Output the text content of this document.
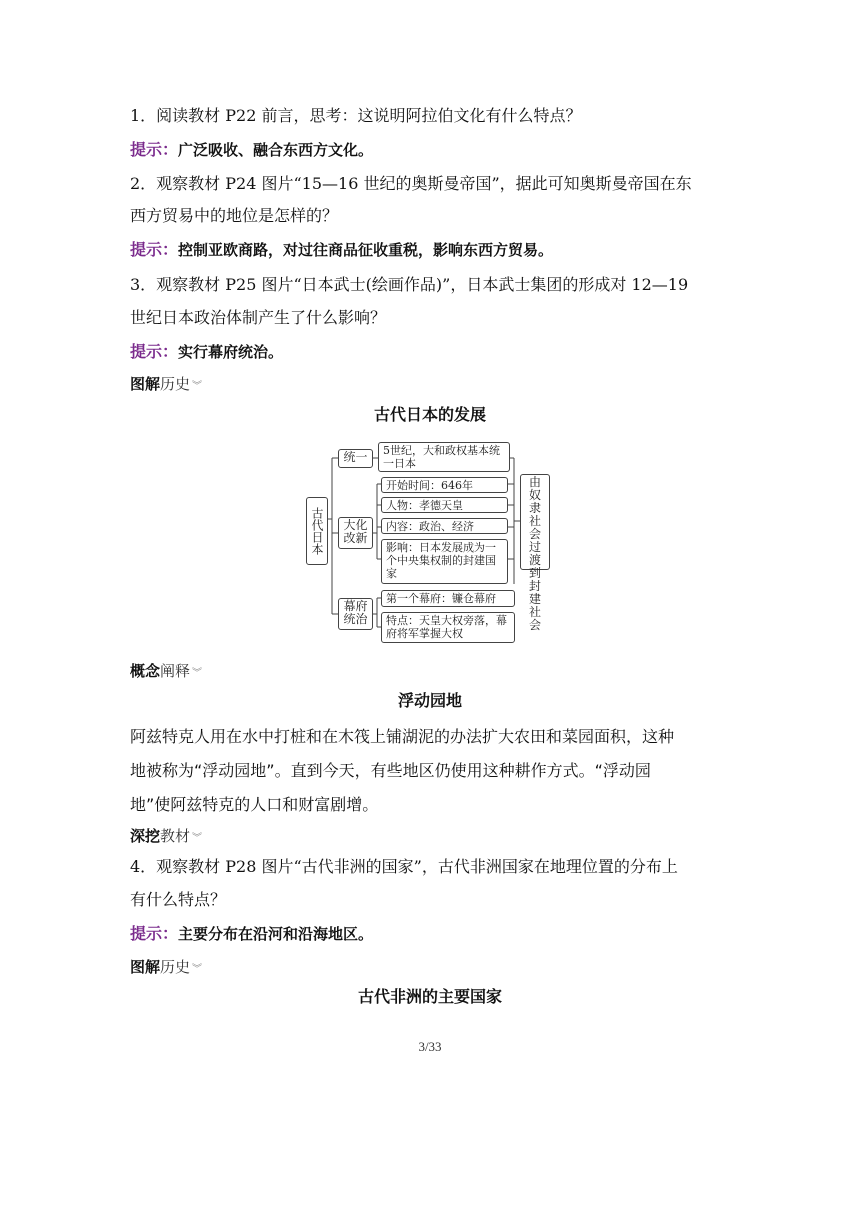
1．阅读教材 P22 前言，思考：这说明阿拉伯文化有什么特点？
提示：广泛吸收、融合东西方文化。
2．观察教材 P24 图片“15—16 世纪的奥斯曼帝国”，据此可知奥斯曼帝国在东
西方贸易中的地位是怎样的？
提示：控制亚欧商路，对过往商品征收重税，影响东西方贸易。
3．观察教材 P25 图片“日本武士(绘画作品)”，日本武士集团的形成对 12—19
世纪日本政治体制产生了什么影响？
提示：实行幕府统治。
图解历史 ︾
古代日本的发展
古代日本
统一
大化改新
幕府统治
5世纪，大和政权基本统一日本
开始时间：646年
人物：孝德天皇
内容：政治、经济
影响：日本发展成为一个中央集权制的封建国家
第一个幕府：镰仓幕府
特点：天皇大权旁落，幕府将军掌握大权
由奴隶社会过渡到封建社会
概念阐释 ︾
浮动园地
阿兹特克人用在水中打桩和在木筏上铺湖泥的办法扩大农田和菜园面积，这种
地被称为“浮动园地”。直到今天，有些地区仍使用这种耕作方式。“浮动园
地”使阿兹特克的人口和财富剧增。
深挖教材 ︾
4．观察教材 P28 图片“古代非洲的国家”，古代非洲国家在地理位置的分布上
有什么特点？
提示：主要分布在沿河和沿海地区。
图解历史 ︾
古代非洲的主要国家
3/33
